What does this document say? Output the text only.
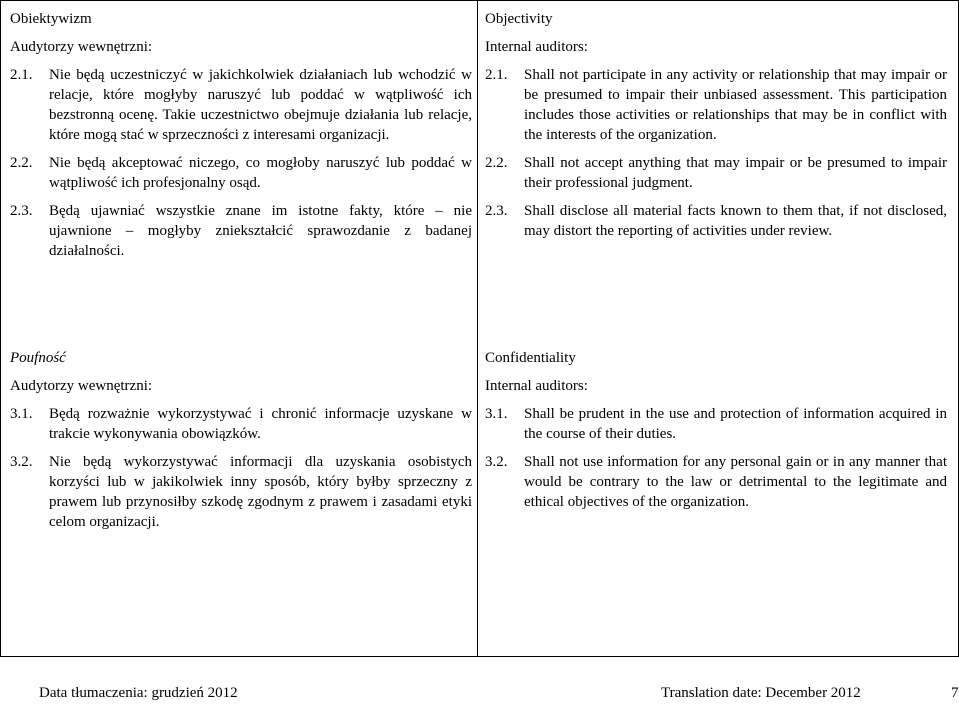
Obiektywizm
Audytorzy wewnętrzni:
2.1.	Nie będą uczestniczyć w jakichkolwiek działaniach lub wchodzić w relacje, które mogłyby naruszyć lub poddać w wątpliwość ich bezstronną ocenę. Takie uczestnictwo obejmuje działania lub relacje, które mogą stać w sprzeczności z interesami organizacji.
2.2.	Nie będą akceptować niczego, co mogłoby naruszyć lub poddać w wątpliwość ich profesjonalny osąd.
2.3.	Będą ujawniać wszystkie znane im istotne fakty, które – nie ujawnione – mogłyby zniekształcić sprawozdanie z badanej działalności.
Objectivity
Internal auditors:
2.1.	Shall not participate in any activity or relationship that may impair or be presumed to impair their unbiased assessment. This participation includes those activities or relationships that may be in conflict with the interests of the organization.
2.2.	Shall not accept anything that may impair or be presumed to impair their professional judgment.
2.3.	Shall disclose all material facts known to them that, if not disclosed, may distort the reporting of activities under review.
Poufność
Audytorzy wewnętrzni:
3.1.	Będą rozważnie wykorzystywać i chronić informacje uzyskane w trakcie wykonywania obowiązków.
3.2.	Nie będą wykorzystywać informacji dla uzyskania osobistych korzyści lub w jakikolwiek inny sposób, który byłby sprzeczny z prawem lub przynosiłby szkodę zgodnym z prawem i zasadami etyki celom organizacji.
Confidentiality
Internal auditors:
3.1.	Shall be prudent in the use and protection of information acquired in the course of their duties.
3.2.	Shall not use information for any personal gain or in any manner that would be contrary to the law or detrimental to the legitimate and ethical objectives of the organization.
Data tłumaczenia: grudzień 2012	Translation date: December 2012	7
